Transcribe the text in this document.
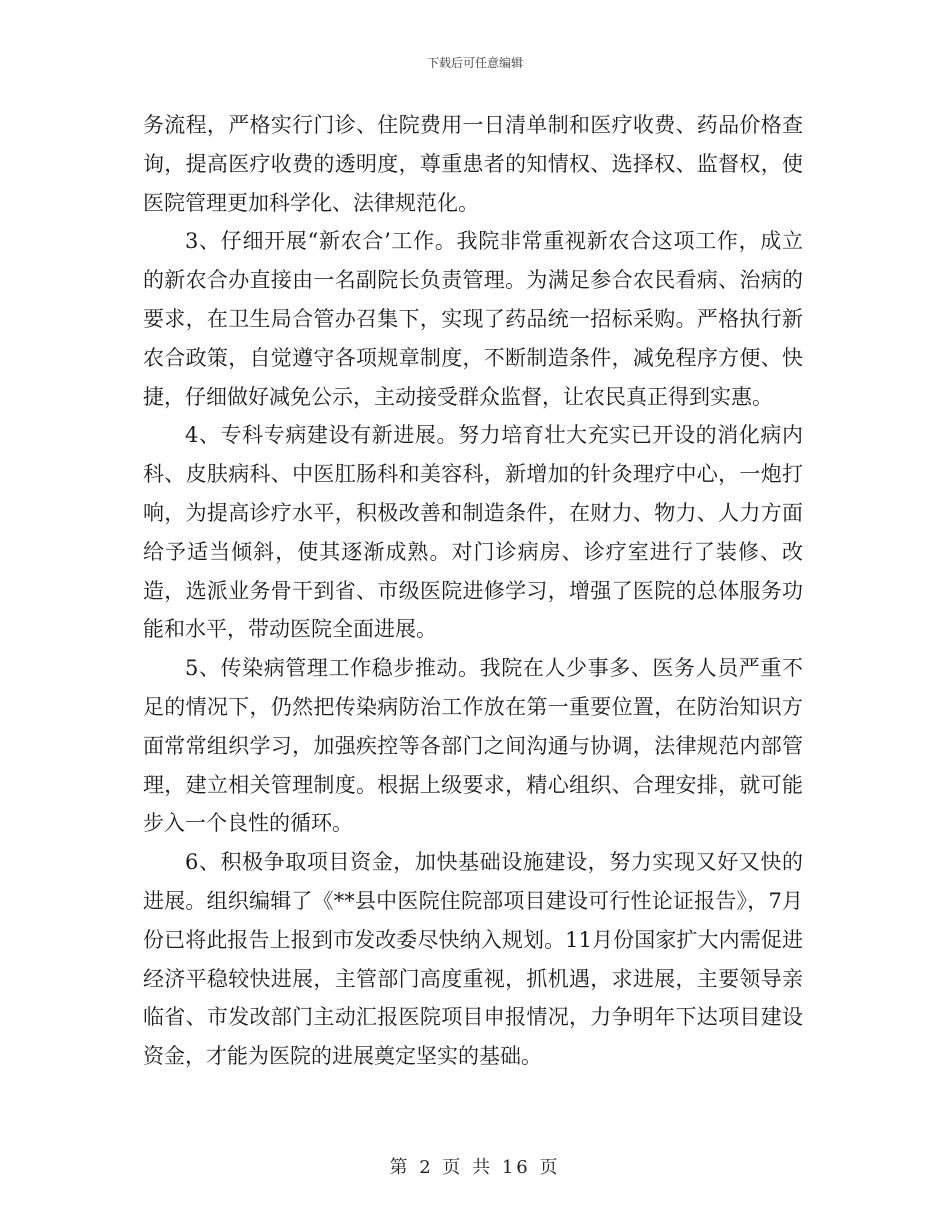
下载后可任意编辑

务流程，严格实行门诊、住院费用一日清单制和医疗收费、药品价格查询，提高医疗收费的透明度，尊重患者的知情权、选择权、监督权，使医院管理更加科学化、法律规范化。

3、仔细开展“新农合’工作。我院非常重视新农合这项工作，成立的新农合办直接由一名副院长负责管理。为满足参合农民看病、治病的要求，在卫生局合管办召集下，实现了药品统一招标采购。严格执行新农合政策，自觉遵守各项规章制度，不断制造条件，减免程序方便、快捷，仔细做好减免公示，主动接受群众监督，让农民真正得到实惠。

4、专科专病建设有新进展。努力培育壮大充实已开设的消化病内科、皮肤病科、中医肛肠科和美容科，新增加的针灸理疗中心，一炮打响，为提高诊疗水平，积极改善和制造条件，在财力、物力、人力方面给予适当倾斜，使其逐渐成熟。对门诊病房、诊疗室进行了装修、改造，选派业务骨干到省、市级医院进修学习，增强了医院的总体服务功能和水平，带动医院全面进展。

5、传染病管理工作稳步推动。我院在人少事多、医务人员严重不足的情况下，仍然把传染病防治工作放在第一重要位置，在防治知识方面常常组织学习，加强疾控等各部门之间沟通与协调，法律规范内部管理，建立相关管理制度。根据上级要求，精心组织、合理安排，就可能步入一个良性的循环。

6、积极争取项目资金，加快基础设施建设，努力实现又好又快的进展。组织编辑了《**县中医院住院部项目建设可行性论证报告》，7月份已将此报告上报到市发改委尽快纳入规划。11月份国家扩大内需促进经济平稳较快进展，主管部门高度重视，抓机遇，求进展，主要领导亲临省、市发改部门主动汇报医院项目申报情况，力争明年下达项目建设资金，才能为医院的进展奠定坚实的基础。

第 2 页 共 16 页
